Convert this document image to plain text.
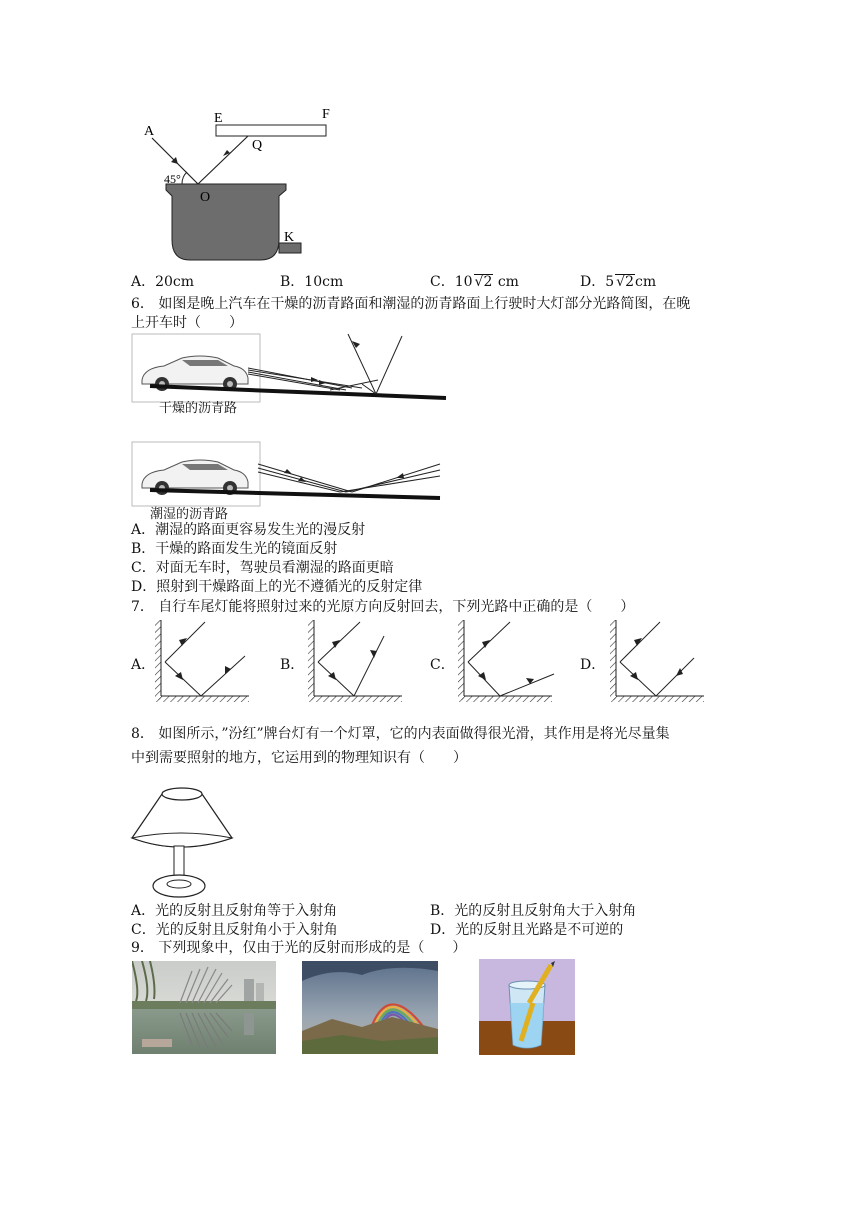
A
E	F
Q
O
K
45°
A．20cm	B．10cm	C．10 √2 cm	D．5 √2cm
6． 如图是晚上汽车在干燥的沥青路面和潮湿的沥青路面上行驶时大灯部分光路简图，在晚
上开车时（　　）
干燥的沥青路
潮湿的沥青路
A．潮湿的路面更容易发生光的漫反射
B．干燥的路面发生光的镜面反射
C．对面无车时，驾驶员看潮湿的路面更暗
D．照射到干燥路面上的光不遵循光的反射定律
7． 自行车尾灯能将照射过来的光原方向反射回去，下列光路中正确的是（　　）
A．	B．	C．	D．
8． 如图所示，”汾红”牌台灯有一个灯罩，它的内表面做得很光滑，其作用是将光尽量集
中到需要照射的地方，它运用到的物理知识有（　　）
A．光的反射且反射角等于入射角	B．光的反射且反射角大于入射角
C．光的反射且反射角小于入射角	D．光的反射且光路是不可逆的
9． 下列现象中，仅由于光的反射而形成的是（　　）
